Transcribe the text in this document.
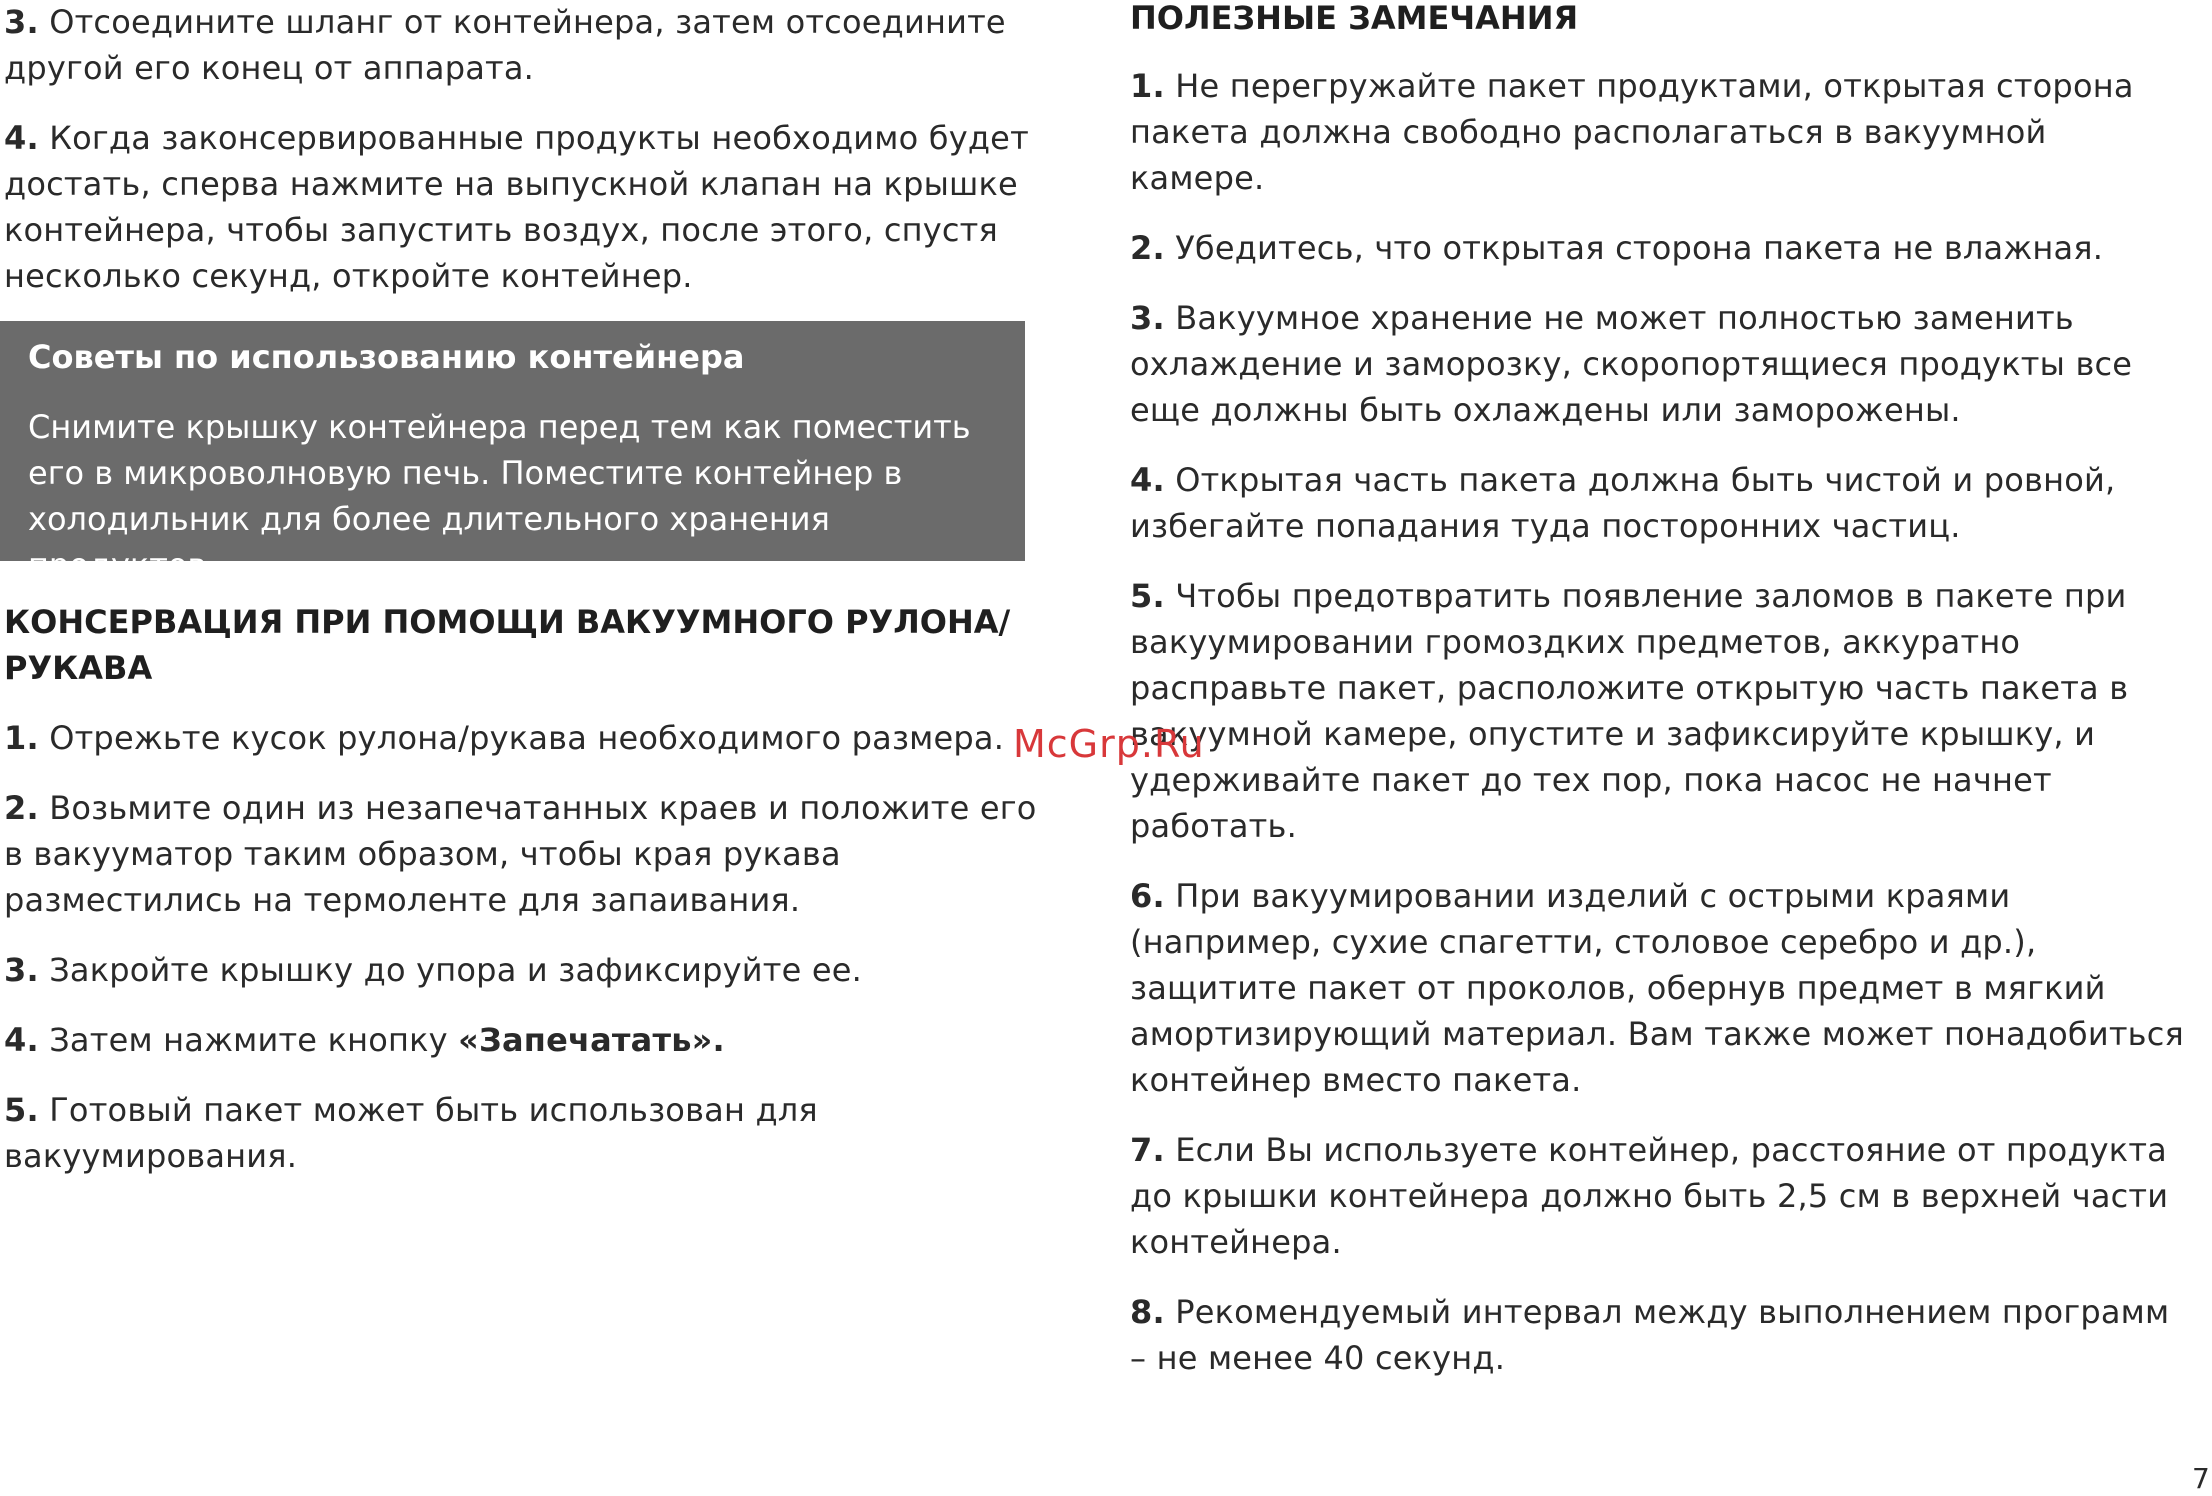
3. Отсоедините шланг от контейнера, затем отсоедините другой его конец от аппарата.

4. Когда законсервированные продукты необходимо будет достать, сперва нажмите на выпускной клапан на крышке контейнера, чтобы запустить воздух, после этого, спустя несколько секунд, откройте контейнер.

Советы по использованию контейнера

Снимите крышку контейнера перед тем как поместить его в микроволновую печь. Поместите контейнер в холодильник для более длительного хранения продуктов.

КОНСЕРВАЦИЯ ПРИ ПОМОЩИ ВАКУУМНОГО РУЛОНА/РУКАВА

1. Отрежьте кусок рулона/рукава необходимого размера.

2. Возьмите один из незапечатанных краев и положите его в вакууматор таким образом, чтобы края рукава разместились на термоленте для запаивания.

3. Закройте крышку до упора и зафиксируйте ее.

4. Затем нажмите кнопку «Запечатать».

5. Готовый пакет может быть использован для вакуумирования.

ПОЛЕЗНЫЕ ЗАМЕЧАНИЯ

1. Не перегружайте пакет продуктами, открытая сторона пакета должна свободно располагаться в вакуумной камере.

2. Убедитесь, что открытая сторона пакета не влажная.

3. Вакуумное хранение не может полностью заменить охлаждение и заморозку, скоропортящиеся продукты все еще должны быть охлаждены или заморожены.

4. Открытая часть пакета должна быть чистой и ровной, избегайте попадания туда посторонних частиц.

5. Чтобы предотвратить появление заломов в пакете при вакуумировании громоздких предметов, аккуратно расправьте пакет, расположите открытую часть пакета в вакуумной камере, опустите и зафиксируйте крышку, и удерживайте пакет до тех пор, пока насос не начнет работать.

6. При вакуумировании изделий с острыми краями (например, сухие спагетти, столовое серебро и др.), защитите пакет от проколов, обернув предмет в мягкий амортизирующий материал. Вам также может понадобиться контейнер вместо пакета.

7. Если Вы используете контейнер, расстояние от продукта до крышки контейнера должно быть 2,5 см в верхней части контейнера.

8. Рекомендуемый интервал между выполнением программ – не менее 40 секунд.

McGrp.Ru
7
